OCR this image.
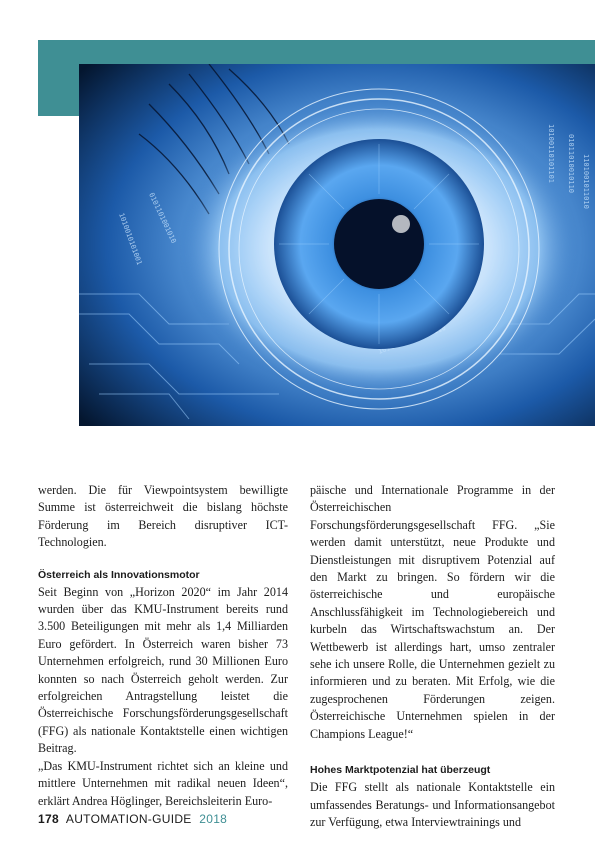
1010010101001 0101101001010
10100110101101 01011010010110 1101001011010

werden. Die für Viewpointsystem bewilligte Summe ist österreichweit die bislang höchste Förderung im Bereich disruptiver ICT-Technologien.

Österreich als Innovationsmotor

Seit Beginn von „Horizon 2020“ im Jahr 2014 wurden über das KMU-Instrument bereits rund 3.500 Beteiligungen mit mehr als 1,4 Milliarden Euro gefördert. In Österreich waren bisher 73 Unternehmen erfolgreich, rund 30 Millionen Euro konnten so nach Österreich geholt werden. Zur erfolgreichen Antragstellung leistet die Österreichische Forschungsförderungsgesellschaft (FFG) als nationale Kontaktstelle einen wichtigen Beitrag.

„Das KMU-Instrument richtet sich an kleine und mittlere Unternehmen mit radikal neuen Ideen“, erklärt Andrea Höglinger, Bereichsleiterin Euro-

päische und Internationale Programme in der Österreichischen Forschungsförderungsgesellschaft FFG. „Sie werden damit unterstützt, neue Produkte und Dienstleistungen mit disruptivem Potenzial auf den Markt zu bringen. So fördern wir die österreichische und europäische Anschlussfähigkeit im Technologiebereich und kurbeln das Wirtschaftswachstum an. Der Wettbewerb ist allerdings hart, umso zentraler sehe ich unsere Rolle, die Unternehmen gezielt zu informieren und zu beraten. Mit Erfolg, wie die zugesprochenen Förderungen zeigen. Österreichische Unternehmen spielen in der Champions League!“

Hohes Marktpotenzial hat überzeugt

Die FFG stellt als nationale Kontaktstelle ein umfassendes Beratungs- und Informationsangebot zur Verfügung, etwa Interviewtrainings und

178 AUTOMATION-GUIDE 2018
